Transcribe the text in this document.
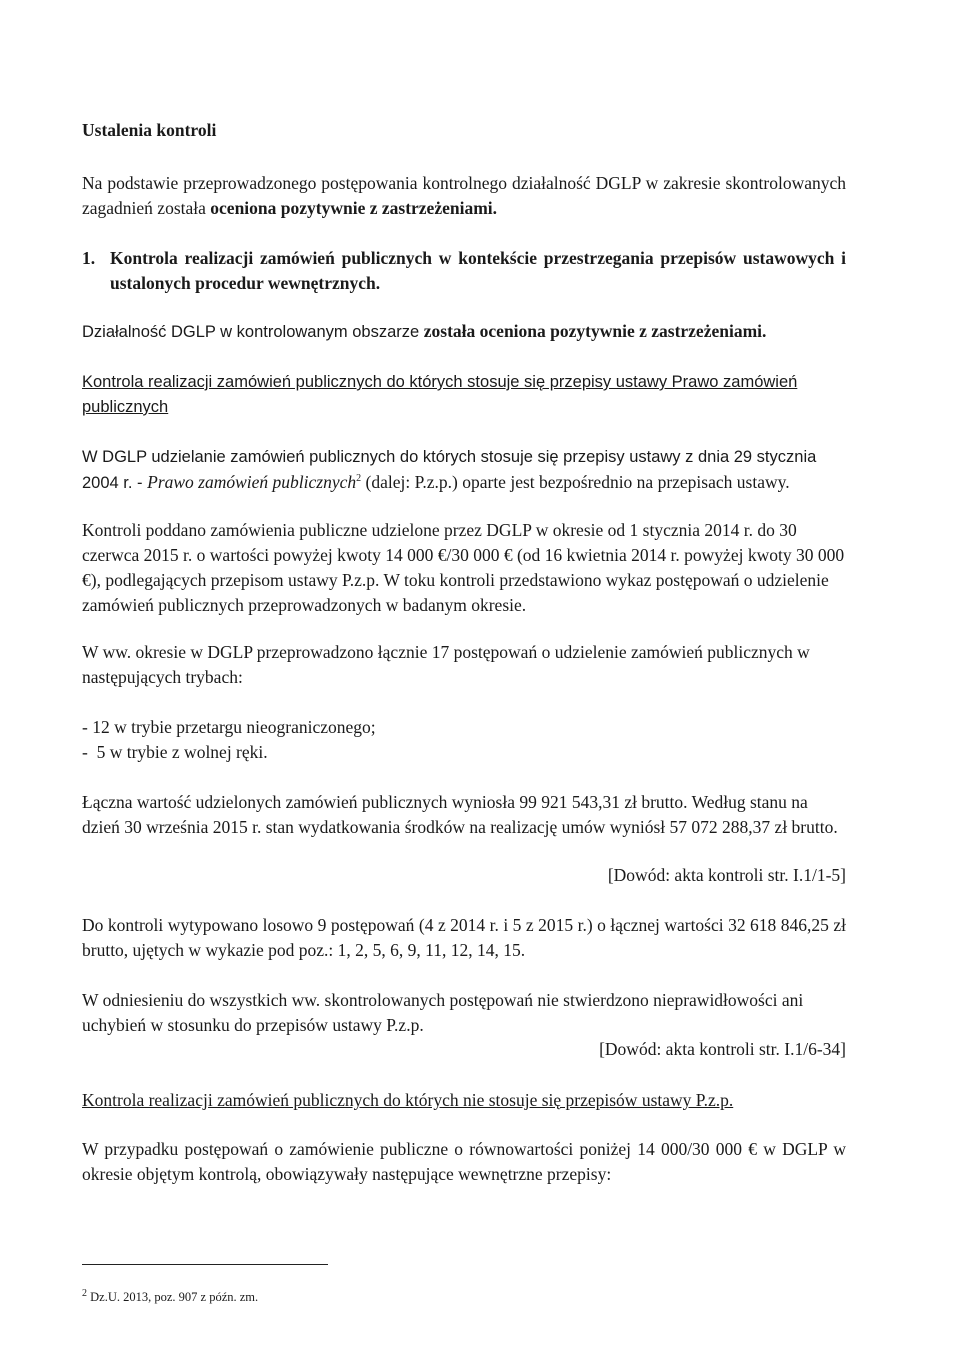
Ustalenia kontroli

Na podstawie przeprowadzonego postępowania kontrolnego działalność DGLP w zakresie skontrolowanych zagadnień została oceniona pozytywnie z zastrzeżeniami.

1. Kontrola realizacji zamówień publicznych w kontekście przestrzegania przepisów ustawowych i ustalonych procedur wewnętrznych.

Działalność DGLP w kontrolowanym obszarze została oceniona pozytywnie z zastrzeżeniami.

Kontrola realizacji zamówień publicznych do których stosuje się przepisy ustawy Prawo zamówień publicznych

W DGLP udzielanie zamówień publicznych do których stosuje się przepisy ustawy z dnia 29 stycznia 2004 r. - Prawo zamówień publicznych$^2$ (dalej: P.z.p.) oparte jest bezpośrednio na przepisach ustawy.

Kontroli poddano zamówienia publiczne udzielone przez DGLP w okresie od 1 stycznia 2014 r. do 30 czerwca 2015 r. o wartości powyżej kwoty 14 000 €/30 000 € (od 16 kwietnia 2014 r. powyżej kwoty 30 000 €), podlegających przepisom ustawy P.z.p. W toku kontroli przedstawiono wykaz postępowań o udzielenie zamówień publicznych przeprowadzonych w badanym okresie.

W ww. okresie w DGLP przeprowadzono łącznie 17 postępowań o udzielenie zamówień publicznych w następujących trybach:

- 12 w trybie przetargu nieograniczonego;
-  5 w trybie z wolnej ręki.

Łączna wartość udzielonych zamówień publicznych wyniosła 99 921 543,31 zł brutto. Według stanu na dzień 30 września 2015 r. stan wydatkowania środków na realizację umów wyniósł 57 072 288,37 zł brutto.

[Dowód: akta kontroli str. I.1/1-5]

Do kontroli wytypowano losowo 9 postępowań (4 z 2014 r. i 5 z 2015 r.) o łącznej wartości 32 618 846,25 zł brutto, ujętych w wykazie pod poz.: 1, 2, 5, 6, 9, 11, 12, 14, 15.

W odniesieniu do wszystkich ww. skontrolowanych postępowań nie stwierdzono nieprawidłowości ani uchybień w stosunku do przepisów ustawy P.z.p.

[Dowód: akta kontroli str. I.1/6-34]

Kontrola realizacji zamówień publicznych do których nie stosuje się przepisów ustawy P.z.p.

W przypadku postępowań o zamówienie publiczne o równowartości poniżej 14 000/30 000 € w DGLP w okresie objętym kontrolą, obowiązywały następujące wewnętrzne przepisy:

$^2$ Dz.U. 2013, poz. 907 z późn. zm.
